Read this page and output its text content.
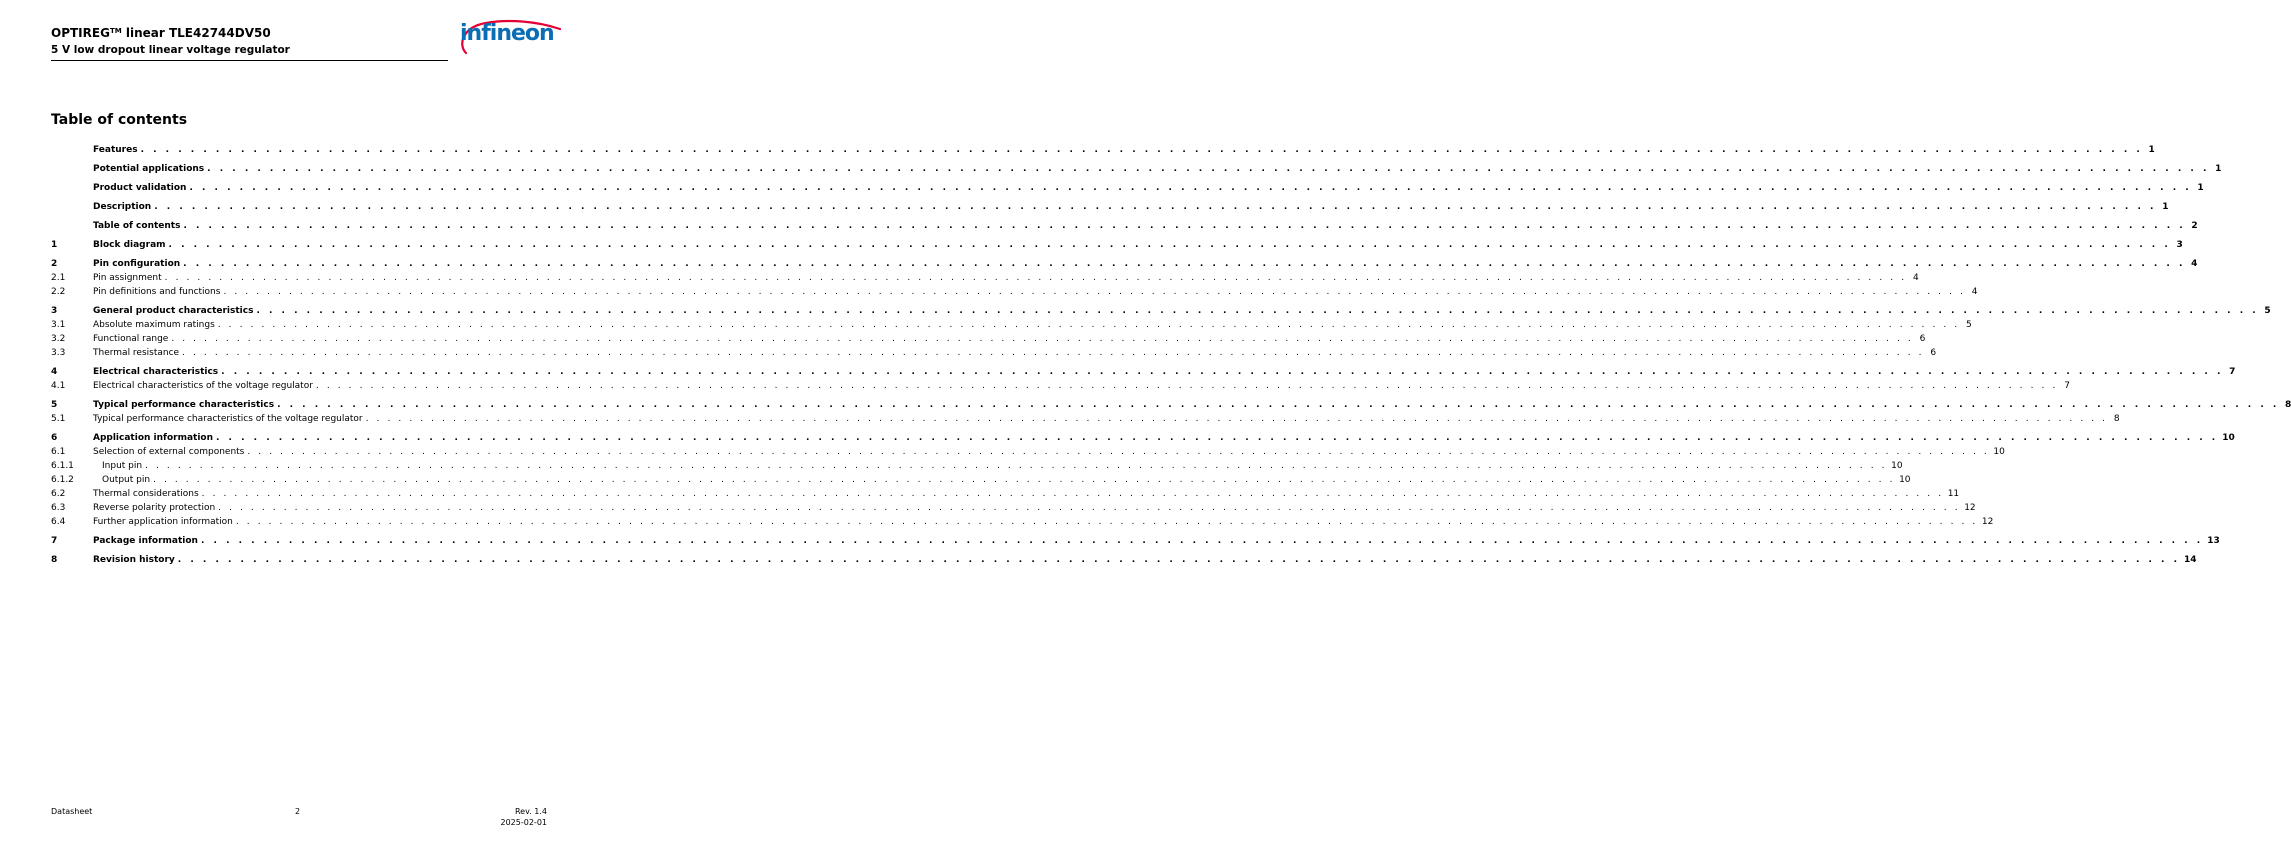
OPTIREG™ linear TLE42744DV50
5 V low dropout linear voltage regulator
infineon
Table of contents
Features . . . . . . . . . . . . . . . . . . . . . . . . . . . . . . . . . . . . . . . . . . . . . . . . . . . . . . . . . . . . . . . . . . . . . . . . . . . . . . . . . . . . . . . . . . . . . . . . . . . . . . . . . . . . . . . . . . . . . . . . . . . . . . . . . . . . . . . . . . . . . . . . . . . . . . . . . . . . . . . . 1
Potential applications . . . . . . . . . . . . . . . . . . . . . . . . . . . . . . . . . . . . . . . . . . . . . . . . . . . . . . . . . . . . . . . . . . . . . . . . . . . . . . . . . . . . . . . . . . . . . . . . . . . . . . . . . . . . . . . . . . . . . . . . . . . . . . . . . . . . . . . . . . . . . . . . . . . . . . . . . . . . . . . . 1
Product validation . . . . . . . . . . . . . . . . . . . . . . . . . . . . . . . . . . . . . . . . . . . . . . . . . . . . . . . . . . . . . . . . . . . . . . . . . . . . . . . . . . . . . . . . . . . . . . . . . . . . . . . . . . . . . . . . . . . . . . . . . . . . . . . . . . . . . . . . . . . . . . . . . . . . . . . . . . . . . . . . 1
Description . . . . . . . . . . . . . . . . . . . . . . . . . . . . . . . . . . . . . . . . . . . . . . . . . . . . . . . . . . . . . . . . . . . . . . . . . . . . . . . . . . . . . . . . . . . . . . . . . . . . . . . . . . . . . . . . . . . . . . . . . . . . . . . . . . . . . . . . . . . . . . . . . . . . . . . . . . . . . . . . 1
Table of contents . . . . . . . . . . . . . . . . . . . . . . . . . . . . . . . . . . . . . . . . . . . . . . . . . . . . . . . . . . . . . . . . . . . . . . . . . . . . . . . . . . . . . . . . . . . . . . . . . . . . . . . . . . . . . . . . . . . . . . . . . . . . . . . . . . . . . . . . . . . . . . . . . . . . . . . . . . . . . . . . 2
1	Block diagram . . . . . . . . . . . . . . . . . . . . . . . . . . . . . . . . . . . . . . . . . . . . . . . . . . . . . . . . . . . . . . . . . . . . . . . . . . . . . . . . . . . . . . . . . . . . . . . . . . . . . . . . . . . . . . . . . . . . . . . . . . . . . . . . . . . . . . . . . . . . . . . . . . . . . . . . . . . . . . . . 3
2	Pin configuration . . . . . . . . . . . . . . . . . . . . . . . . . . . . . . . . . . . . . . . . . . . . . . . . . . . . . . . . . . . . . . . . . . . . . . . . . . . . . . . . . . . . . . . . . . . . . . . . . . . . . . . . . . . . . . . . . . . . . . . . . . . . . . . . . . . . . . . . . . . . . . . . . . . . . . . . . . . . . . . . 4
2.1	Pin assignment . . . . . . . . . . . . . . . . . . . . . . . . . . . . . . . . . . . . . . . . . . . . . . . . . . . . . . . . . . . . . . . . . . . . . . . . . . . . . . . . . . . . . . . . . . . . . . . . . . . . . . . . . . . . . . . . . . . . . . . . . . . . . . . . . . . . . . . . . . . . . . . . . . . . . . . . . . . . . . . . 4
2.2	Pin definitions and functions . . . . . . . . . . . . . . . . . . . . . . . . . . . . . . . . . . . . . . . . . . . . . . . . . . . . . . . . . . . . . . . . . . . . . . . . . . . . . . . . . . . . . . . . . . . . . . . . . . . . . . . . . . . . . . . . . . . . . . . . . . . . . . . . . . . . . . . . . . . . . . . . . . . . . . . . . . . . . . . . 4
3	General product characteristics . . . . . . . . . . . . . . . . . . . . . . . . . . . . . . . . . . . . . . . . . . . . . . . . . . . . . . . . . . . . . . . . . . . . . . . . . . . . . . . . . . . . . . . . . . . . . . . . . . . . . . . . . . . . . . . . . . . . . . . . . . . . . . . . . . . . . . . . . . . . . . . . . . . . . . . . . . . . . . . . 5
3.1	Absolute maximum ratings . . . . . . . . . . . . . . . . . . . . . . . . . . . . . . . . . . . . . . . . . . . . . . . . . . . . . . . . . . . . . . . . . . . . . . . . . . . . . . . . . . . . . . . . . . . . . . . . . . . . . . . . . . . . . . . . . . . . . . . . . . . . . . . . . . . . . . . . . . . . . . . . . . . . . . . . . . . . . . . . 5
3.2	Functional range . . . . . . . . . . . . . . . . . . . . . . . . . . . . . . . . . . . . . . . . . . . . . . . . . . . . . . . . . . . . . . . . . . . . . . . . . . . . . . . . . . . . . . . . . . . . . . . . . . . . . . . . . . . . . . . . . . . . . . . . . . . . . . . . . . . . . . . . . . . . . . . . . . . . . . . . . . . . . . . . 6
3.3	Thermal resistance . . . . . . . . . . . . . . . . . . . . . . . . . . . . . . . . . . . . . . . . . . . . . . . . . . . . . . . . . . . . . . . . . . . . . . . . . . . . . . . . . . . . . . . . . . . . . . . . . . . . . . . . . . . . . . . . . . . . . . . . . . . . . . . . . . . . . . . . . . . . . . . . . . . . . . . . . . . . . . . . 6
4	Electrical characteristics . . . . . . . . . . . . . . . . . . . . . . . . . . . . . . . . . . . . . . . . . . . . . . . . . . . . . . . . . . . . . . . . . . . . . . . . . . . . . . . . . . . . . . . . . . . . . . . . . . . . . . . . . . . . . . . . . . . . . . . . . . . . . . . . . . . . . . . . . . . . . . . . . . . . . . . . . . . . . . . . 7
4.1	Electrical characteristics of the voltage regulator . . . . . . . . . . . . . . . . . . . . . . . . . . . . . . . . . . . . . . . . . . . . . . . . . . . . . . . . . . . . . . . . . . . . . . . . . . . . . . . . . . . . . . . . . . . . . . . . . . . . . . . . . . . . . . . . . . . . . . . . . . . . . . . . . . . . . . . . . . . . . . . . . . . . . . . . . . . . . . . . 7
5	Typical performance characteristics . . . . . . . . . . . . . . . . . . . . . . . . . . . . . . . . . . . . . . . . . . . . . . . . . . . . . . . . . . . . . . . . . . . . . . . . . . . . . . . . . . . . . . . . . . . . . . . . . . . . . . . . . . . . . . . . . . . . . . . . . . . . . . . . . . . . . . . . . . . . . . . . . . . . . . . . . . . . . . . . 8
5.1	Typical performance characteristics of the voltage regulator . . . . . . . . . . . . . . . . . . . . . . . . . . . . . . . . . . . . . . . . . . . . . . . . . . . . . . . . . . . . . . . . . . . . . . . . . . . . . . . . . . . . . . . . . . . . . . . . . . . . . . . . . . . . . . . . . . . . . . . . . . . . . . . . . . . . . . . . . . . . . . . . . . . . . . . . . . . . . . . . 8
6	Application information . . . . . . . . . . . . . . . . . . . . . . . . . . . . . . . . . . . . . . . . . . . . . . . . . . . . . . . . . . . . . . . . . . . . . . . . . . . . . . . . . . . . . . . . . . . . . . . . . . . . . . . . . . . . . . . . . . . . . . . . . . . . . . . . . . . . . . . . . . . . . . . . . . . . . . . . . . . . . . . . 10
6.1	Selection of external components . . . . . . . . . . . . . . . . . . . . . . . . . . . . . . . . . . . . . . . . . . . . . . . . . . . . . . . . . . . . . . . . . . . . . . . . . . . . . . . . . . . . . . . . . . . . . . . . . . . . . . . . . . . . . . . . . . . . . . . . . . . . . . . . . . . . . . . . . . . . . . . . . . . . . . . . . . . . . . . . 10
6.1.1	Input pin . . . . . . . . . . . . . . . . . . . . . . . . . . . . . . . . . . . . . . . . . . . . . . . . . . . . . . . . . . . . . . . . . . . . . . . . . . . . . . . . . . . . . . . . . . . . . . . . . . . . . . . . . . . . . . . . . . . . . . . . . . . . . . . . . . . . . . . . . . . . . . . . . . . . . . . . . . . . . . . . 10
6.1.2	Output pin . . . . . . . . . . . . . . . . . . . . . . . . . . . . . . . . . . . . . . . . . . . . . . . . . . . . . . . . . . . . . . . . . . . . . . . . . . . . . . . . . . . . . . . . . . . . . . . . . . . . . . . . . . . . . . . . . . . . . . . . . . . . . . . . . . . . . . . . . . . . . . . . . . . . . . . . . . . . . . . . 10
6.2	Thermal considerations . . . . . . . . . . . . . . . . . . . . . . . . . . . . . . . . . . . . . . . . . . . . . . . . . . . . . . . . . . . . . . . . . . . . . . . . . . . . . . . . . . . . . . . . . . . . . . . . . . . . . . . . . . . . . . . . . . . . . . . . . . . . . . . . . . . . . . . . . . . . . . . . . . . . . . . . . . . . . . . . 11
6.3	Reverse polarity protection . . . . . . . . . . . . . . . . . . . . . . . . . . . . . . . . . . . . . . . . . . . . . . . . . . . . . . . . . . . . . . . . . . . . . . . . . . . . . . . . . . . . . . . . . . . . . . . . . . . . . . . . . . . . . . . . . . . . . . . . . . . . . . . . . . . . . . . . . . . . . . . . . . . . . . . . . . . . . . . . 12
6.4	Further application information . . . . . . . . . . . . . . . . . . . . . . . . . . . . . . . . . . . . . . . . . . . . . . . . . . . . . . . . . . . . . . . . . . . . . . . . . . . . . . . . . . . . . . . . . . . . . . . . . . . . . . . . . . . . . . . . . . . . . . . . . . . . . . . . . . . . . . . . . . . . . . . . . . . . . . . . . . . . . . . . 12
7	Package information . . . . . . . . . . . . . . . . . . . . . . . . . . . . . . . . . . . . . . . . . . . . . . . . . . . . . . . . . . . . . . . . . . . . . . . . . . . . . . . . . . . . . . . . . . . . . . . . . . . . . . . . . . . . . . . . . . . . . . . . . . . . . . . . . . . . . . . . . . . . . . . . . . . . . . . . . . . . . . . . 13
8	Revision history . . . . . . . . . . . . . . . . . . . . . . . . . . . . . . . . . . . . . . . . . . . . . . . . . . . . . . . . . . . . . . . . . . . . . . . . . . . . . . . . . . . . . . . . . . . . . . . . . . . . . . . . . . . . . . . . . . . . . . . . . . . . . . . . . . . . . . . . . . . . . . . . . . . . . . . . . . . . . . . . 14
Datasheet	2	Rev. 1.4
2025-02-01
